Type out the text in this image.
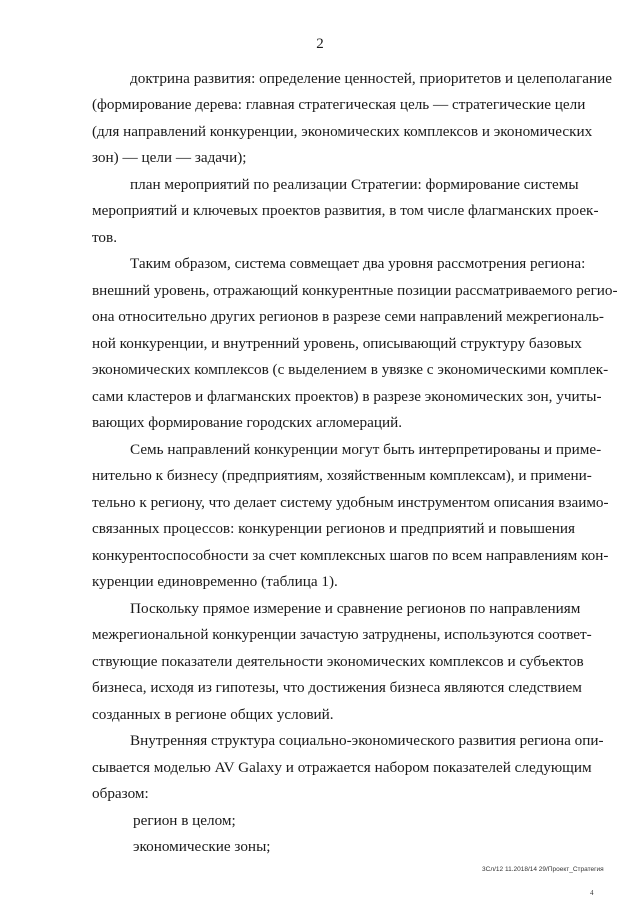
2
доктрина развития: определение ценностей, приоритетов и целеполагание
(формирование дерева: главная стратегическая цель — стратегические цели
(для направлений конкуренции, экономических комплексов и экономических
зон) — цели — задачи);
план мероприятий по реализации Стратегии: формирование системы
мероприятий и ключевых проектов развития, в том числе флагманских проек-
тов.
Таким образом, система совмещает два уровня рассмотрения региона:
внешний уровень, отражающий конкурентные позиции рассматриваемого регио-
она относительно других регионов в разрезе семи направлений межрегиональ-
ной конкуренции, и внутренний уровень, описывающий структуру базовых
экономических комплексов (с выделением в увязке с экономическими комплек-
сами кластеров и флагманских проектов) в разрезе экономических зон, учиты-
вающих формирование городских агломераций.
Семь направлений конкуренции могут быть интерпретированы и приме-
нительно к бизнесу (предприятиям, хозяйственным комплексам), и примени-
тельно к региону, что делает систему удобным инструментом описания взаимо-
связанных процессов: конкуренции регионов и предприятий и повышения
конкурентоспособности за счет комплексных шагов по всем направлениям кон-
куренции единовременно (таблица 1).
Поскольку прямое измерение и сравнение регионов по направлениям
межрегиональной конкуренции зачастую затруднены, используются соответ-
ствующие показатели деятельности экономических комплексов и субъектов
бизнеса, исходя из гипотезы, что достижения бизнеса являются следствием
созданных в регионе общих условий.
Внутренняя структура социально-экономического развития региона опи-
сывается моделью AV Galaxy и отражается набором показателей следующим
образом:
регион в целом;
экономические зоны;
3Сл/12 11.2018/14 29/Проект_Стратегия
4
